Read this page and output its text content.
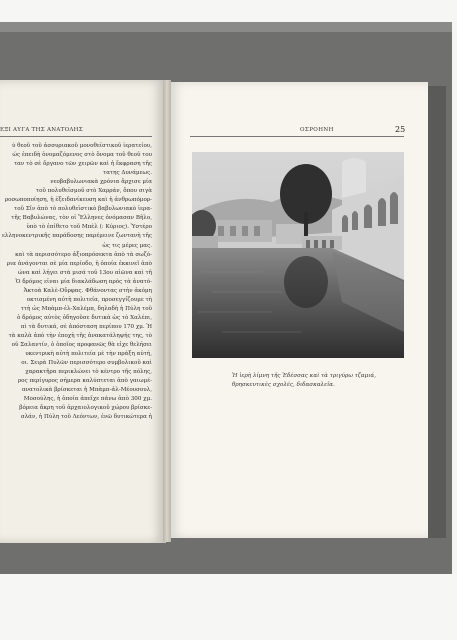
ΕΞΙ ΑΥΓΑ ΤΗΣ ΑΝΑΤΟΛΗΣ
ύ θεοῦ τοῦ ἀσσυριακοῦ μονοθεϊστικοῦ ἱερατείου,
ώς ἐπειδὴ ὀνομαζόμενος στὸ ὄνομα τοῦ θεοῦ του
ταν τὸ σὲ ὄργανο τῶν χειρῶν καὶ ἡ ἔκφραση τῆς
τατης Δυνάμεως.
νεοβαβυλωνιακὰ χρόνια ἄρχισε μία
τοῦ πολυθεϊσμοῦ στὸ Χαρράν, ὅπου σιγὰ
ροσωποποίηση, ἡ ἐξειδανίκευση καὶ ἡ ἀνθρωπόμορ-
τοῦ Σῖν ἀπὸ τὸ πολυθεϊστικὸ βαβυλωνιακὸ ἱερα-
τῆς Βαβυλώνας, τὸν οἱ Ἕλληνες ὀνόμασαν Βῆλο,
ὑπὸ τὸ ἐπίθετο τοῦ Μπὲλ (: Κύριος). Ὑστέρο
ελληνοκεντρικῆς παράδοσης παρέμεινε ζωντανὴ τῆς
ὡς τις μέρες μας.
καὶ τὰ περισσότερο ἀξιοπρόσεκτα ἀπὸ τὰ σωζό-
ρια ἀνάγονται σὲ μία περίοδο, ἡ ὁποία ἐκκινεῖ ἀπὸ
ώνα καὶ λήγει στὰ μισά τοῦ 13ου αἰῶνα καὶ τῆ
Ὁ δρόμος εἶναι μία διακλάδωση πρὸς τὰ ἀνατό-
Ἀκτοὰ Καλὲ-Οὔρφας. Φθάνοντας στὴν ἀκόμη
οκτισμένη αὐτὴ πολιτεία, προσεγγίζουμε τὴ
ττὴ ὡς Μπὰμπ-ἐλ-Χαλέμπ, δηλαδὴ ἡ Πύλη τοῦ
ὁ δρόμος αὐτὸς ὁδηγοῦσε δυτικὰ ὡς τὸ Χαλέπι,
πὶ τὰ δυτικά, σὲ ἀπόσταση περίπου 170 χμ. Ἡ
τὰ καλὰ ἀπὸ τὴν ἐποχὴ τῆς ἀνακατάληψής της, τὸ
οῦ Σαλαντίν, ὁ ὁποῖος προφανῶς θὰ εἶχε θελήσει
υκεντρικὴ αὐτὴ πολιτεία μὲ τὴν πράξη αὐτή,
οι. Σειρὰ Πυλῶν περισσότερο συμβολικοῦ καὶ
χαρακτῆρα περικλώνει τὸ κέντρο τῆς πόλης,
ρος περίγυρος σήμερα καλύπτεται ἀπὸ γαιωμέ-
ανατολικὰ βρίσκεται ἡ Μπὰμπ-ἀλ-Μέουσουλ,
Μοσούλης, ἡ ὁποία ἀπεῖχε πάνω ἀπὸ 300 χμ.
βόρεια ἄκρη τοῦ ἀρχαιολογικοῦ χώρου βρίσκε-
σλάν, ἡ Πύλη τοῦ Λεόντων, ἐνῶ δυτικώτερα ἡ
ΟΣΡΟΗΝΗ	25
Ἡ ἱερὴ λίμνη τῆς Ἐδέσσας καὶ τὰ τριγύρω τζαμιά, θρησκευτικὲς σχολές, διδασκαλεῖα.
